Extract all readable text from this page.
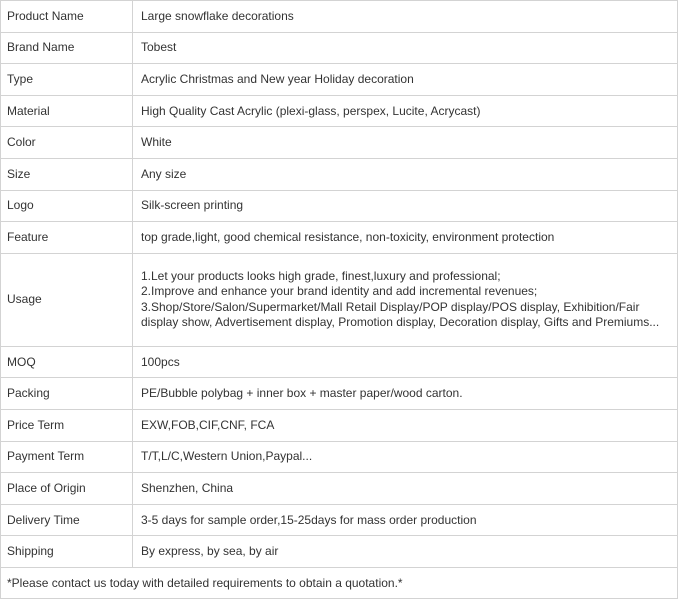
Product Name	Large snowflake decorations
Brand Name	Tobest
Type	Acrylic Christmas and New year Holiday decoration
Material	High Quality Cast Acrylic (plexi-glass, perspex, Lucite, Acrycast)
Color	White
Size	Any size
Logo	Silk-screen printing
Feature	top grade,light, good chemical resistance, non-toxicity, environment protection
Usage	1.Let your products looks high grade, finest,luxury and professional;
2.Improve and enhance your brand identity and add incremental revenues;
3.Shop/Store/Salon/Supermarket/Mall Retail Display/POP display/POS display, Exhibition/Fair
display show, Advertisement display, Promotion display, Decoration display, Gifts and Premiums...

MOQ	100pcs
Packing	PE/Bubble polybag + inner box + master paper/wood carton.
Price Term	EXW,FOB,CIF,CNF, FCA
Payment Term	T/T,L/C,Western Union,Paypal...
Place of Origin	Shenzhen, China
Delivery Time	3-5 days for sample order,15-25days for mass order production
Shipping	By express, by sea, by air
*Please contact us today with detailed requirements to obtain a quotation.*	
